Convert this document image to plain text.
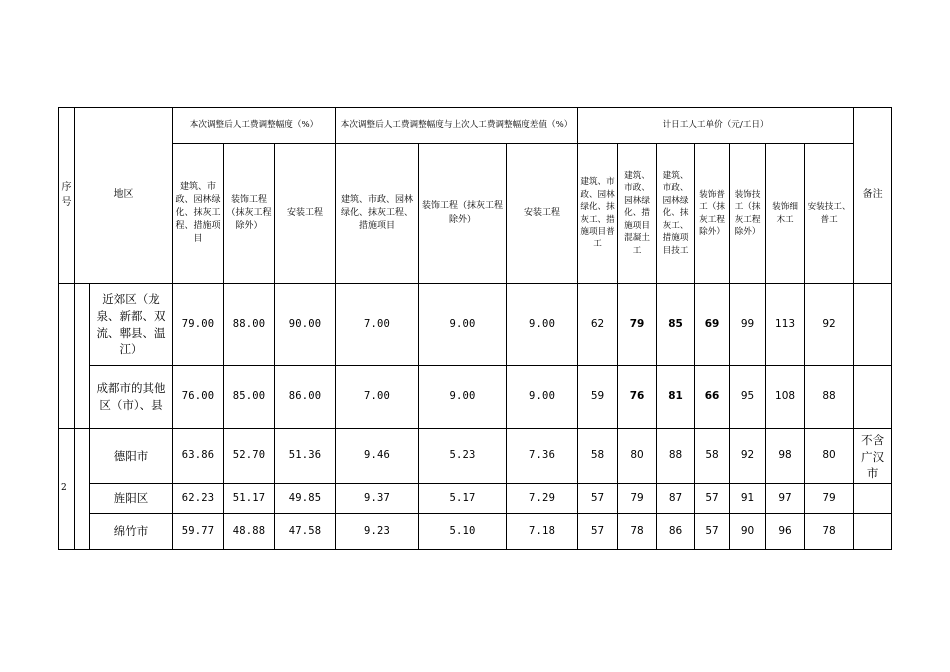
序号	地区		本次调整后人工费调整幅度（%）			本次调整后人工费调整幅度与上次人工费调整幅度差值（%）			计日工人工单价（元/工日）							备注
			建筑、市政、园林绿化、抹灰工程、措施项目	装饰工程（抹灰工程除外）	安装工程	建筑、市政、园林绿化、抹灰工程、措施项目	装饰工程（抹灰工程除外）	安装工程	建筑、市政、园林绿化、抹灰工、措施项目普工	建筑、市政、园林绿化、措施项目混凝土工	建筑、市政、园林绿化、抹灰工、措施项目技工	装饰普工（抹灰工程除外）	装饰技工（抹灰工程除外）	装饰细木工	安装技工、普工	
		近郊区（龙泉、新都、双流、郫县、温江）	79.00	88.00	90.00	7.00	9.00	9.00	62	79	85	69	99	113	92	
		成都市的其他区（市）、县	76.00	85.00	86.00	7.00	9.00	9.00	59	76	81	66	95	108	88	
2		德阳市	63.86	52.70	51.36	9.46	5.23	7.36	58	80	88	58	92	98	80	不含广汉市
		旌阳区	62.23	51.17	49.85	9.37	5.17	7.29	57	79	87	57	91	97	79	
		绵竹市	59.77	48.88	47.58	9.23	5.10	7.18	57	78	86	57	90	96	78	
